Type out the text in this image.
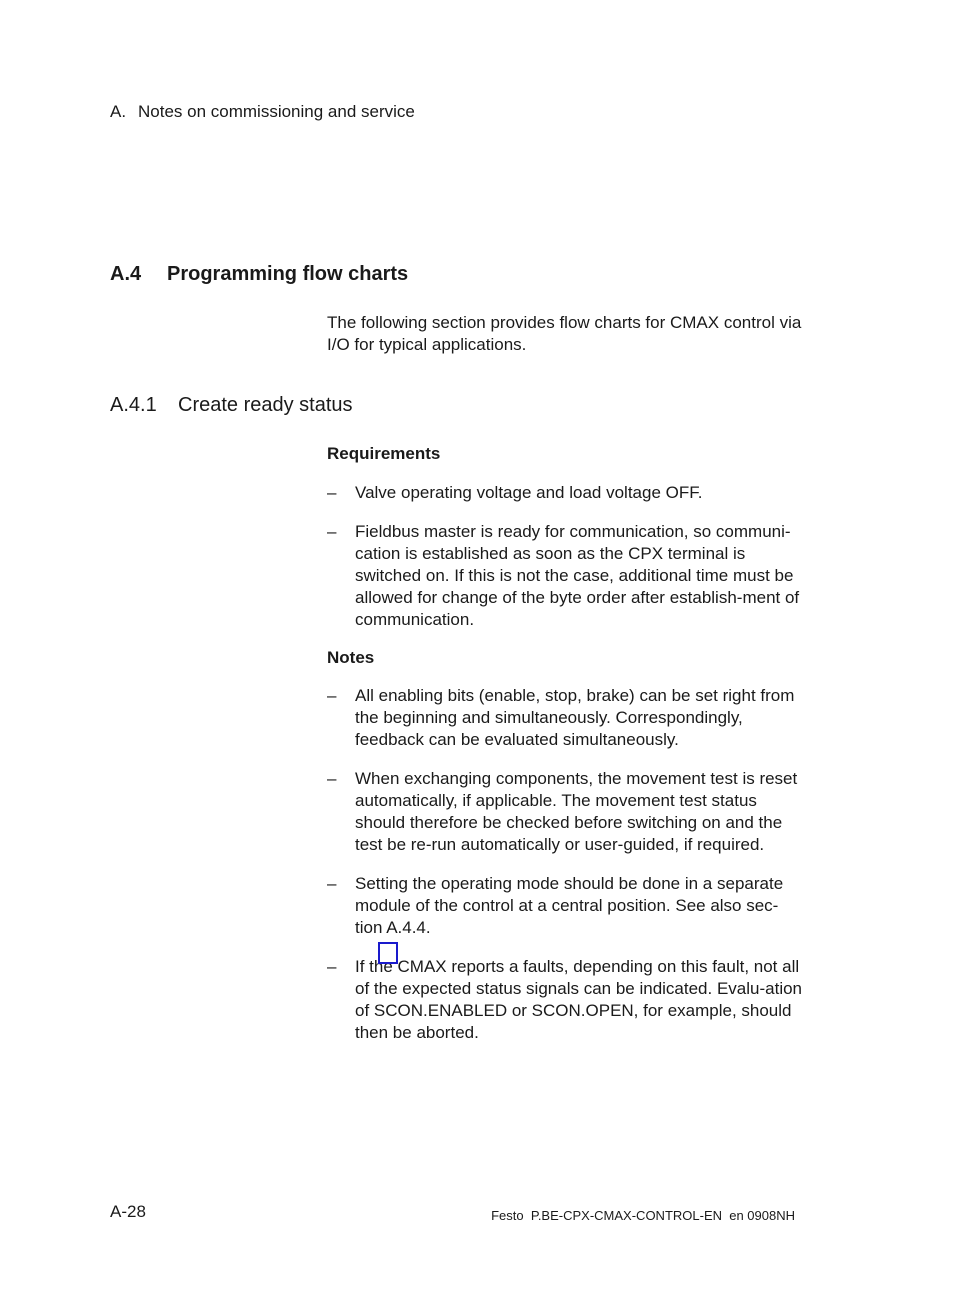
A. Notes on commissioning and service
A.4 Programming flow charts
The following section provides flow charts for CMAX control via I/O for typical applications.
A.4.1 Create ready status
Requirements
–	Valve operating voltage and load voltage OFF.
–	Fieldbus master is ready for communication, so communi-cation is established as soon as the CPX terminal is switched on. If this is not the case, additional time must be allowed for change of the byte order after establish-ment of communication.
Notes
–	All enabling bits (enable, stop, brake) can be set right from the beginning and simultaneously. Correspondingly, feedback can be evaluated simultaneously.
–	When exchanging components, the movement test is reset automatically, if applicable. The movement test status should therefore be checked before switching on and the test be re-run automatically or user-guided, if required.
–	Setting the operating mode should be done in a separate module of the control at a central position. See also sec-tion A.4.4.
–	If the CMAX reports a faults, depending on this fault, not all of the expected status signals can be indicated. Evalu-ation of SCON.ENABLED or SCON.OPEN, for example, should then be aborted.
A-28	Festo  P.BE-CPX-CMAX-CONTROL-EN  en 0908NH
